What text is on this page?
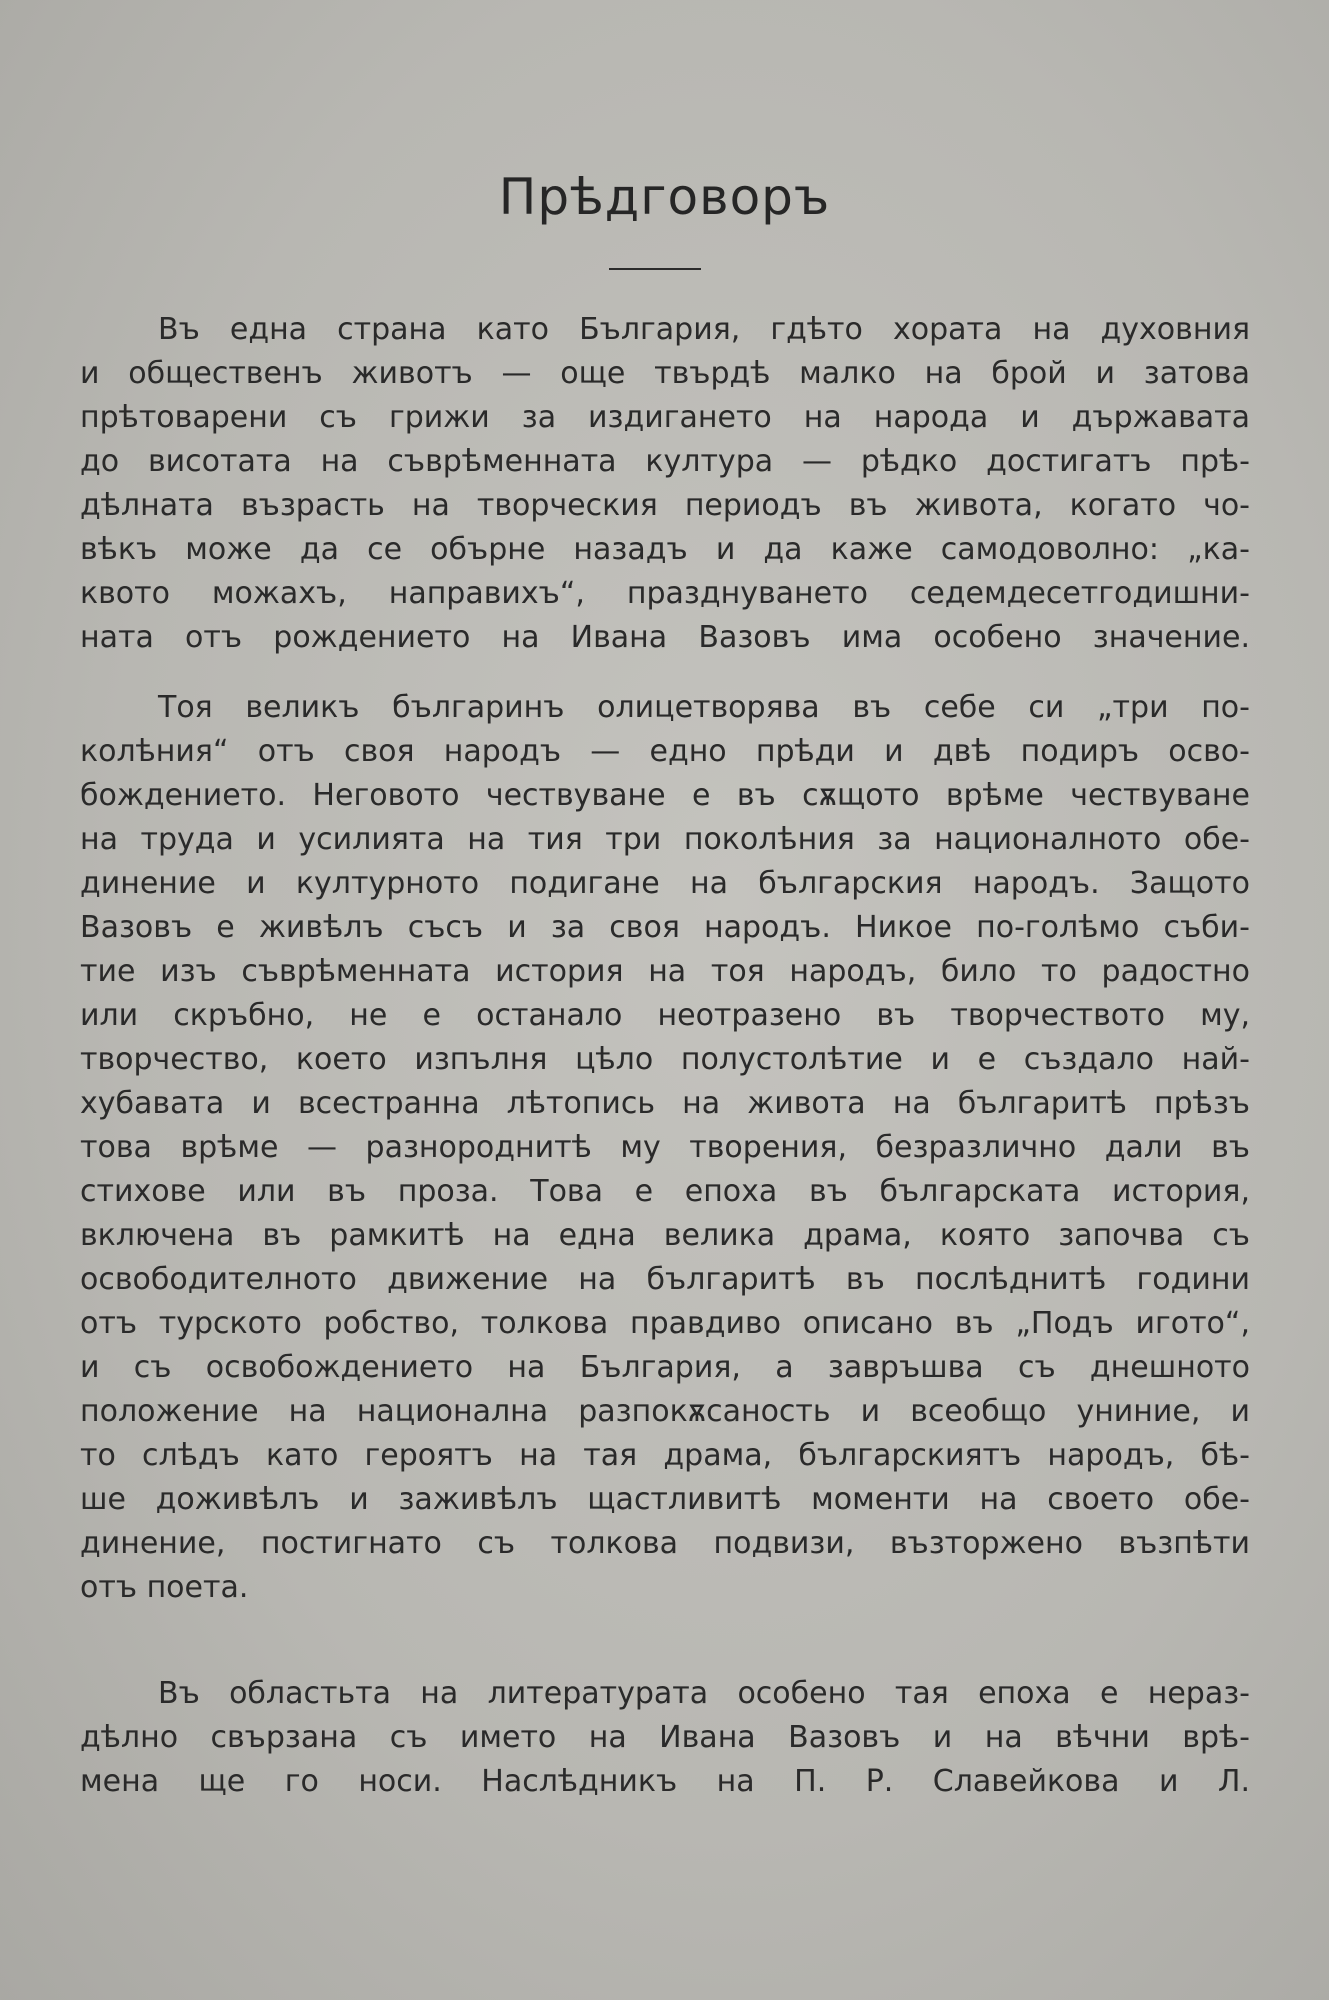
Прѣдговоръ
Въ една страна като България, гдѣто хората на духовния
и общественъ животъ — още твърдѣ малко на брой и затова
прѣтоварени съ грижи за издигането на народа и държавата
до висотата на съврѣменната култура — рѣдко достигатъ прѣ-
дѣлната възрасть на творческия периодъ въ живота, когато чо-
вѣкъ може да се обърне назадъ и да каже самодоволно: „ка-
квото можахъ, направихъ“, празднуването седемдесетгодишни-
ната отъ рождението на Ивана Вазовъ има особено значение.
Тоя великъ българинъ олицетворява въ себе си „три по-
колѣния“ отъ своя народъ — едно прѣди и двѣ подиръ осво-
бождението. Неговото чествуване е въ сѫщото врѣме чествуване
на труда и усилията на тия три поколѣния за националното обе-
динение и културното подигане на българския народъ. Защото
Вазовъ е живѣлъ съсъ и за своя народъ. Никое по-голѣмо съби-
тие изъ съврѣменната история на тоя народъ, било то радостно
или скръбно, не е останало неотразено въ творчеството му,
творчество, което изпълня цѣло полустолѣтие и е създало най-
хубавата и всестранна лѣтопись на живота на българитѣ прѣзъ
това врѣме — разнороднитѣ му творения, безразлично дали въ
стихове или въ проза. Това е епоха въ българската история,
включена въ рамкитѣ на една велика драма, която започва съ
освободителното движение на българитѣ въ послѣднитѣ години
отъ турското робство, толкова правдиво описано въ „Подъ игото“,
и съ освобождението на България, а завръшва съ днешното
положение на национална разпокѫсаность и всеобщо униние, и
то слѣдъ като героятъ на тая драма, българскиятъ народъ, бѣ-
ше доживѣлъ и заживѣлъ щастливитѣ моменти на своето обе-
динение, постигнато съ толкова подвизи, възторжено възпѣти
отъ поета.
Въ областьта на литературата особено тая епоха е нераз-
дѣлно свързана съ името на Ивана Вазовъ и на вѣчни врѣ-
мена ще го носи. Наслѣдникъ на П. Р. Славейкова и Л.
